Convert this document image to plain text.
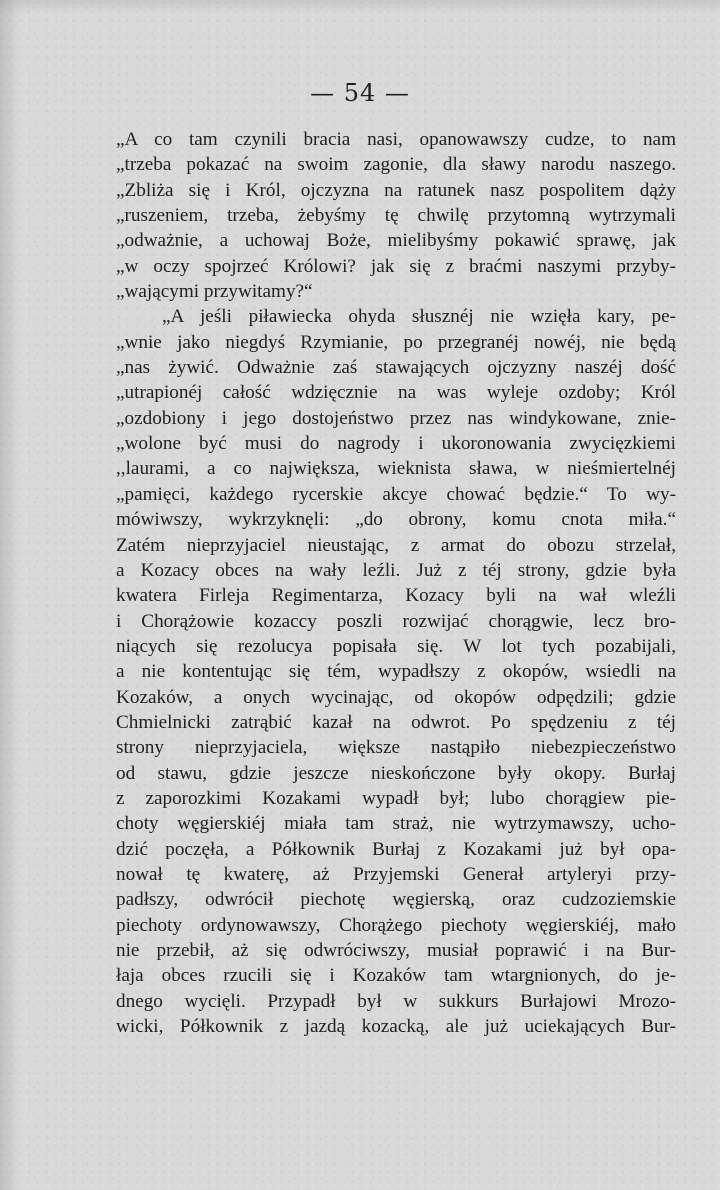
— 54 —
„A co tam czynili bracia nasi, opanowawszy cudze, to nam
„trzeba pokazać na swoim zagonie, dla sławy narodu naszego.
„Zbliża się i Król, ojczyzna na ratunek nasz pospolitem dąży
„ruszeniem, trzeba, żebyśmy tę chwilę przytomną wytrzymali
„odważnie, a uchowaj Boże, mielibyśmy pokawić sprawę, jak
„w oczy spojrzeć Królowi? jak się z braćmi naszymi przyby-
„wającymi przywitamy?“
„A jeśli piławiecka ohyda słusznéj nie wzięła kary, pe-
„wnie jako niegdyś Rzymianie, po przegranéj nowéj, nie będą
„nas żywić. Odważnie zaś stawających ojczyzny naszéj dość
„utrapionéj całość wdzięcznie na was wyleje ozdoby; Król
„ozdobiony i jego dostojeństwo przez nas windykowane, znie-
„wolone być musi do nagrody i ukoronowania zwycięzkiemi
,,laurami, a co największa, wieknista sława, w nieśmiertelnéj
„pamięci, każdego rycerskie akcye chować będzie.“ To wy-
mówiwszy, wykrzyknęli: „do obrony, komu cnota miła.“
Zatém nieprzyjaciel nieustając, z armat do obozu strzelał,
a Kozacy obces na wały leźli. Już z téj strony, gdzie była
kwatera Firleja Regimentarza, Kozacy byli na wał wleźli
i Chorążowie kozaccy poszli rozwijać chorągwie, lecz bro-
niących się rezolucya popisała się. W lot tych pozabijali,
a nie kontentując się tém, wypadłszy z okopów, wsiedli na
Kozaków, a onych wycinając, od okopów odpędzili; gdzie
Chmielnicki zatrąbić kazał na odwrot. Po spędzeniu z téj
strony nieprzyjaciela, większe nastąpiło niebezpieczeństwo
od stawu, gdzie jeszcze nieskończone były okopy. Burłaj
z zaporozkimi Kozakami wypadł był; lubo chorągiew pie-
choty węgierskiéj miała tam straż, nie wytrzymawszy, ucho-
dzić poczęła, a Półkownik Burłaj z Kozakami już był opa-
nował tę kwaterę, aż Przyjemski Generał artyleryi przy-
padłszy, odwrócił piechotę węgierską, oraz cudzoziemskie
piechoty ordynowawszy, Chorążego piechoty węgierskiéj, mało
nie przebił, aż się odwróciwszy, musiał poprawić i na Bur-
łaja obces rzucili się i Kozaków tam wtargnionych, do je-
dnego wycięli. Przypadł był w sukkurs Burłajowi Mrozo-
wicki, Półkownik z jazdą kozacką, ale już uciekających Bur-
